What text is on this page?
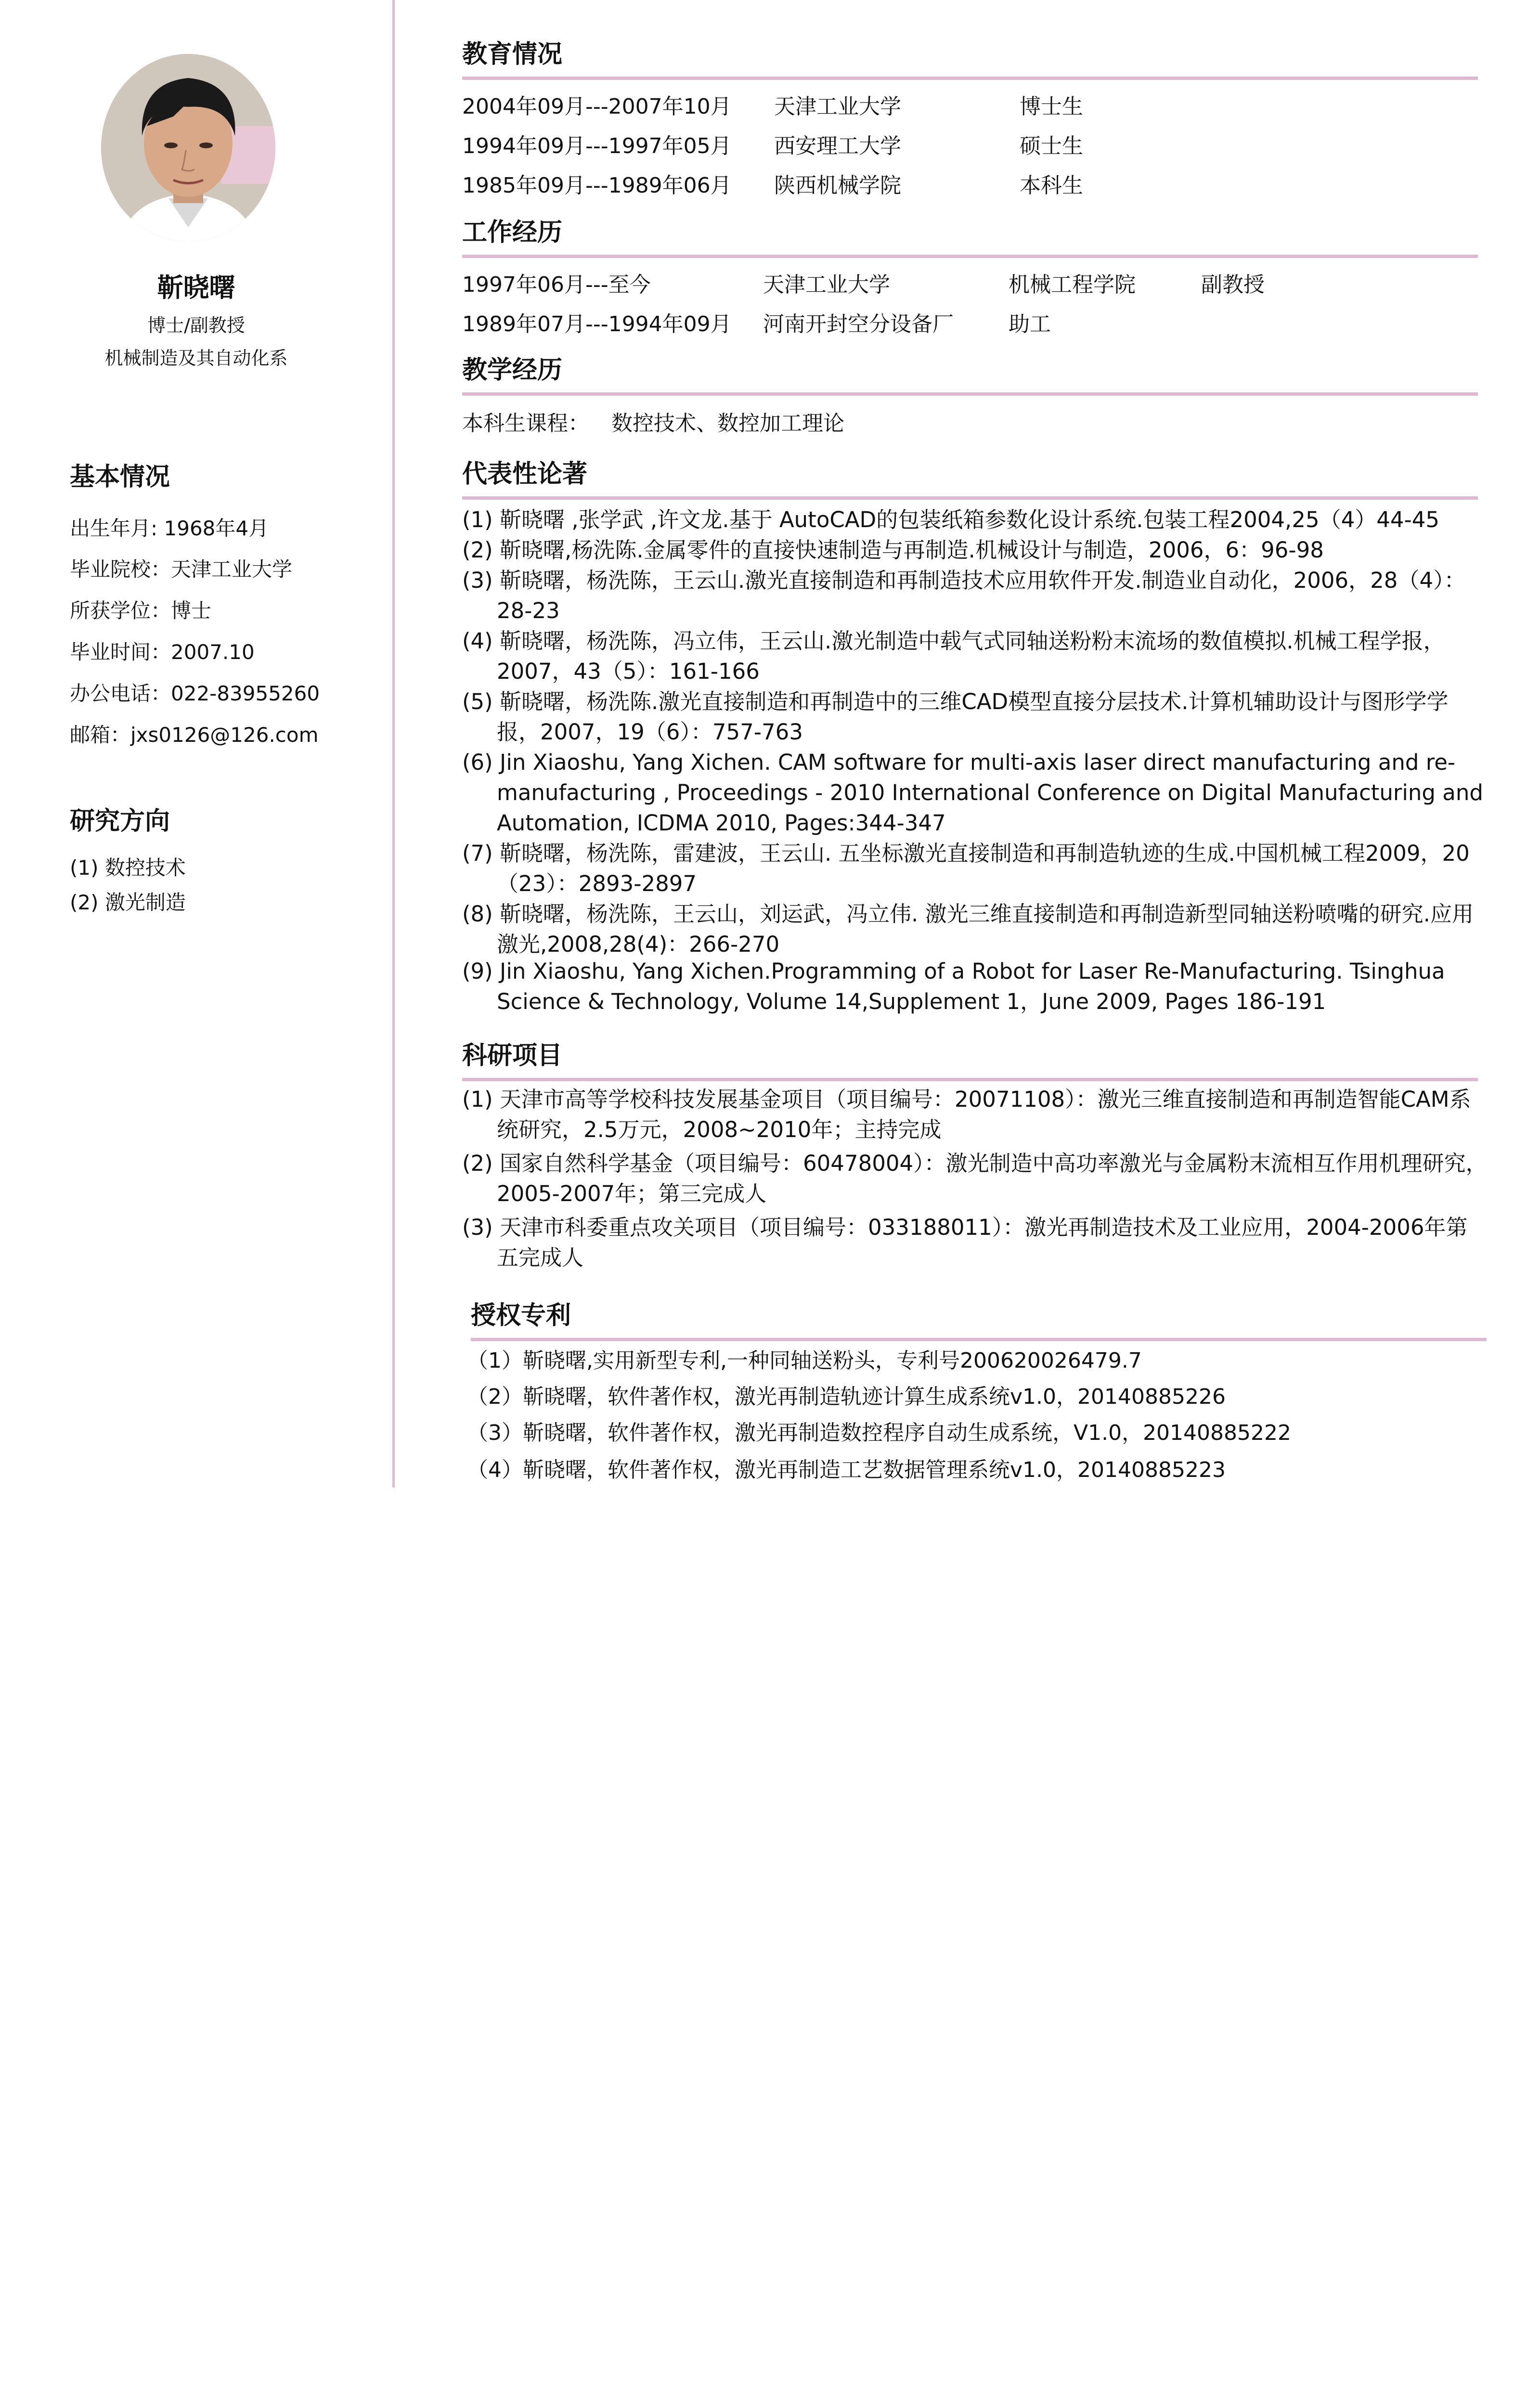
靳晓曙
博士/副教授
机械制造及其自动化系
基本情况
出生年月: 1968年4月
毕业院校：天津工业大学
所获学位：博士
毕业时间：2007.10
办公电话：022-83955260
邮箱：jxs0126@126.com
研究方向
(1) 数控技术
(2) 激光制造
教育情况
2004年09月---2007年10月 天津工业大学	博士生
1994年09月---1997年05月 西安理工大学	硕士生
1985年09月---1989年06月 陕西机械学院	本科生
工作经历
1997年06月---至今	天津工业大学	机械工程学院	副教授
1989年07月---1994年09月 河南开封空分设备厂	助工
教学经历
本科生课程： 数控技术、数控加工理论
代表性论著
(1) 靳晓曙 ,张学武 ,许文龙.基于 AutoCAD的包装纸箱参数化设计系统.包装工程2004,25（4）44-45
(2) 靳晓曙,杨洗陈.金属零件的直接快速制造与再制造.机械设计与制造，2006，6：96-98
(3) 靳晓曙，杨洗陈，王云山.激光直接制造和再制造技术应用软件开发.制造业自动化，2006，28（4）：28-23
(4) 靳晓曙，杨洗陈，冯立伟，王云山.激光制造中载气式同轴送粉粉末流场的数值模拟.机械工程学报，2007，43（5）：161-166
(5) 靳晓曙，杨洗陈.激光直接制造和再制造中的三维CAD模型直接分层技术.计算机辅助设计与图形学学报，2007，19（6）：757-763
(6) Jin Xiaoshu, Yang Xichen. CAM software for multi-axis laser direct manufacturing and re-manufacturing , Proceedings - 2010 International Conference on Digital Manufacturing and Automation, ICDMA 2010, Pages:344-347
(7) 靳晓曙，杨洗陈，雷建波，王云山. 五坐标激光直接制造和再制造轨迹的生成.中国机械工程2009，20（23）：2893-2897
(8) 靳晓曙，杨洗陈，王云山，刘运武，冯立伟. 激光三维直接制造和再制造新型同轴送粉喷嘴的研究.应用激光,2008,28(4)：266-270
(9) Jin Xiaoshu, Yang Xichen.Programming of a Robot for Laser Re-Manufacturing. Tsinghua Science & Technology, Volume 14,Supplement 1，June 2009, Pages 186-191
科研项目
(1) 天津市高等学校科技发展基金项目（项目编号：20071108）：激光三维直接制造和再制造智能CAM系统研究，2.5万元，2008~2010年；主持完成
(2) 国家自然科学基金（项目编号：60478004）：激光制造中高功率激光与金属粉末流相互作用机理研究，2005-2007年；第三完成人
(3) 天津市科委重点攻关项目（项目编号：033188011）：激光再制造技术及工业应用，2004-2006年第五完成人
授权专利
（1）靳晓曙,实用新型专利,一种同轴送粉头，专利号200620026479.7
（2）靳晓曙，软件著作权，激光再制造轨迹计算生成系统v1.0，20140885226
（3）靳晓曙，软件著作权，激光再制造数控程序自动生成系统，V1.0，20140885222
（4）靳晓曙，软件著作权，激光再制造工艺数据管理系统v1.0，20140885223
